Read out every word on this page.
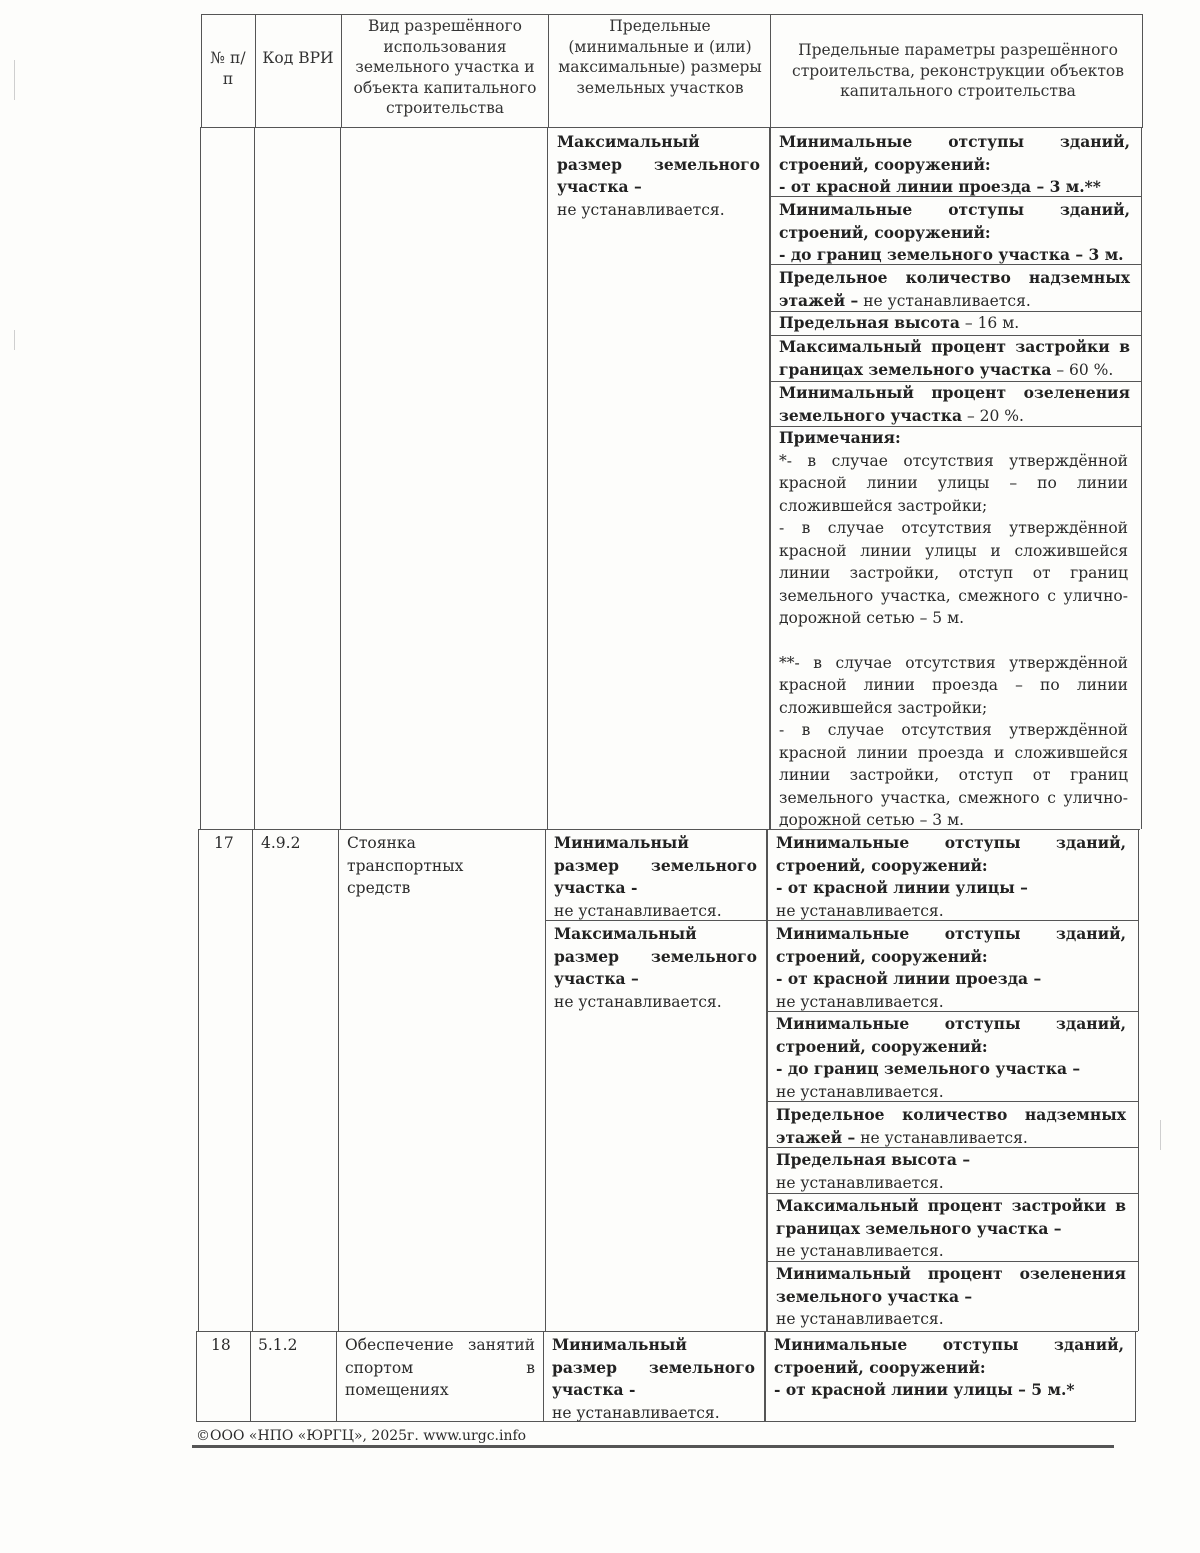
№ п/п
Код ВРИ
Вид разрешённого использования земельного участка и объекта капитального строительства
Предельные (минимальные и (или) максимальные) размеры земельных участков
Предельные параметры разрешённого строительства, реконструкции объектов капитального строительства
Максимальный размер земельного участка –
не устанавливается.
Минимальные отступы зданий, строений, сооружений:
- от красной линии проезда – 3 м.**
Минимальные отступы зданий, строений, сооружений:
- до границ земельного участка – 3 м.
Предельное количество надземных этажей – не устанавливается.
Предельная высота – 16 м.
Максимальный процент застройки в границах земельного участка – 60 %.
Минимальный процент озеленения земельного участка – 20 %.
Примечания:
*- в случае отсутствия утверждённой красной линии улицы – по линии сложившейся застройки;
- в случае отсутствия утверждённой красной линии улицы и сложившейся линии застройки, отступ от границ земельного участка, смежного с улично-дорожной сетью – 5 м.
**- в случае отсутствия утверждённой красной линии проезда – по линии сложившейся застройки;
- в случае отсутствия утверждённой красной линии проезда и сложившейся линии застройки, отступ от границ земельного участка, смежного с улично-дорожной сетью – 3 м.
17 4.9.2	Стоянка транспортных средств
Минимальный размер земельного участка -
не устанавливается.
Максимальный размер земельного участка –
не устанавливается.
Минимальные отступы зданий, строений, сооружений:
- от красной линии улицы –
не устанавливается.
Минимальные отступы зданий, строений, сооружений:
- от красной линии проезда –
не устанавливается.
Минимальные отступы зданий, строений, сооружений:
- до границ земельного участка –
не устанавливается.
Предельное количество надземных этажей – не устанавливается.
Предельная высота –
не устанавливается.
Максимальный процент застройки в границах земельного участка –
не устанавливается.
Минимальный процент озеленения земельного участка –
не устанавливается.
18 5.1.2	Обеспечение занятий спортом в помещениях
Минимальный размер земельного участка -
не устанавливается.
Минимальные отступы зданий, строений, сооружений:
- от красной линии улицы – 5 м.*
©ООО «НПО «ЮРГЦ», 2025г. www.urgc.info
